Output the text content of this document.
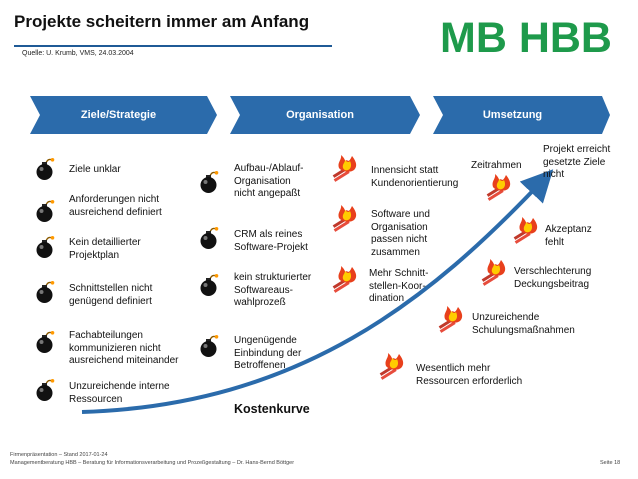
Projekte scheitern immer am Anfang
Quelle: U. Krumb, VMS, 24.03.2004	MB HBB
Ziele/Strategie	Organisation	Umsetzung
Kostenkurve
Ziele unklar
Anforderungen nicht
ausreichend definiert
Kein detaillierter
Projektplan
Schnittstellen nicht
genügend definiert
Fachabteilungen
kommunizieren nicht
ausreichend miteinander
Unzureichende interne
Ressourcen
Aufbau-/Ablauf-
Organisation
nicht angepaßt
CRM als reines
Software-Projekt
kein strukturierter
Softwareaus-
wahlprozeß
Ungenügende
Einbindung der
Betroffenen
Innensicht statt
Kundenorientierung
Software und
Organisation
passen nicht
zusammen
Mehr Schnitt-
stellen-Koor-
dination
Zeitrahmen
Akzeptanz
fehlt
Verschlechterung
Deckungsbeitrag
Unzureichende
Schulungsmaßnahmen
Wesentlich mehr
Ressourcen erforderlich
Projekt erreicht
gesetzte Ziele
nicht
Firmenpräsentation – Stand 2017-01-24
Managementberatung HBB – Beratung für Informationsverarbeitung und Prozeßgestaltung – Dr. Hans-Bernd Böttger	Seite 18
